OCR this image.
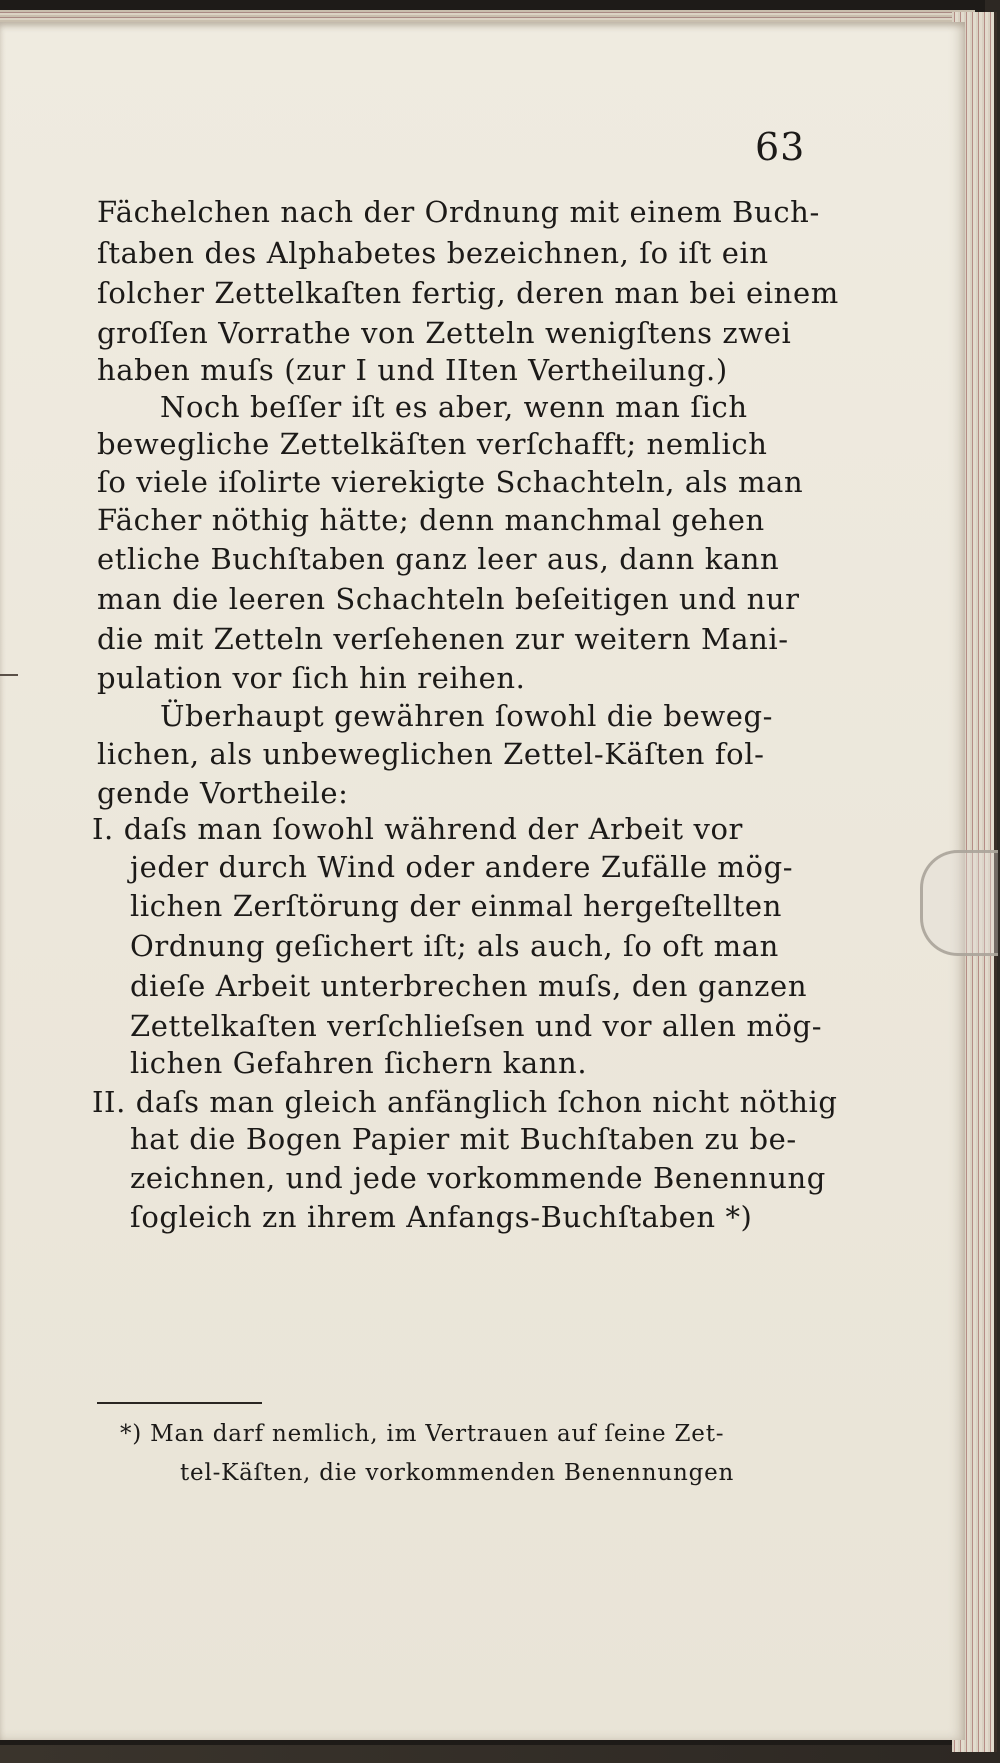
63
Fächelchen nach der Ordnung mit einem Buch-
ſtaben des Alphabetes bezeichnen, ſo iſt ein
ſolcher Zettelkaſten fertig, deren man bei einem
groſſen Vorrathe von Zetteln wenigſtens zwei
haben muſs (zur I und IIten Vertheilung.)
Noch beſſer iſt es aber, wenn man ſich
bewegliche Zettelkäſten verſchafft; nemlich
ſo viele iſolirte vierekigte Schachteln, als man
Fächer nöthig hätte; denn manchmal gehen
etliche Buchſtaben ganz leer aus, dann kann
man die leeren Schachteln beſeitigen und nur
die mit Zetteln verſehenen zur weitern Mani-
pulation vor ſich hin reihen.
Überhaupt gewähren ſowohl die beweg-
lichen, als unbeweglichen Zettel-Käſten fol-
gende Vortheile:
I. daſs man ſowohl während der Arbeit vor
jeder durch Wind oder andere Zufälle mög-
lichen Zerſtörung der einmal hergeſtellten
Ordnung geſichert iſt; als auch, ſo oft man
dieſe Arbeit unterbrechen muſs, den ganzen
Zettelkaſten verſchlieſsen und vor allen mög-
lichen Gefahren ſichern kann.
II. daſs man gleich anfänglich ſchon nicht nöthig
hat die Bogen Papier mit Buchſtaben zu be-
zeichnen, und jede vorkommende Benennung
ſogleich zn ihrem Anfangs-Buchſtaben *)
*) Man darf nemlich, im Vertrauen auf ſeine Zet-
tel-Käſten, die vorkommenden Benennungen
